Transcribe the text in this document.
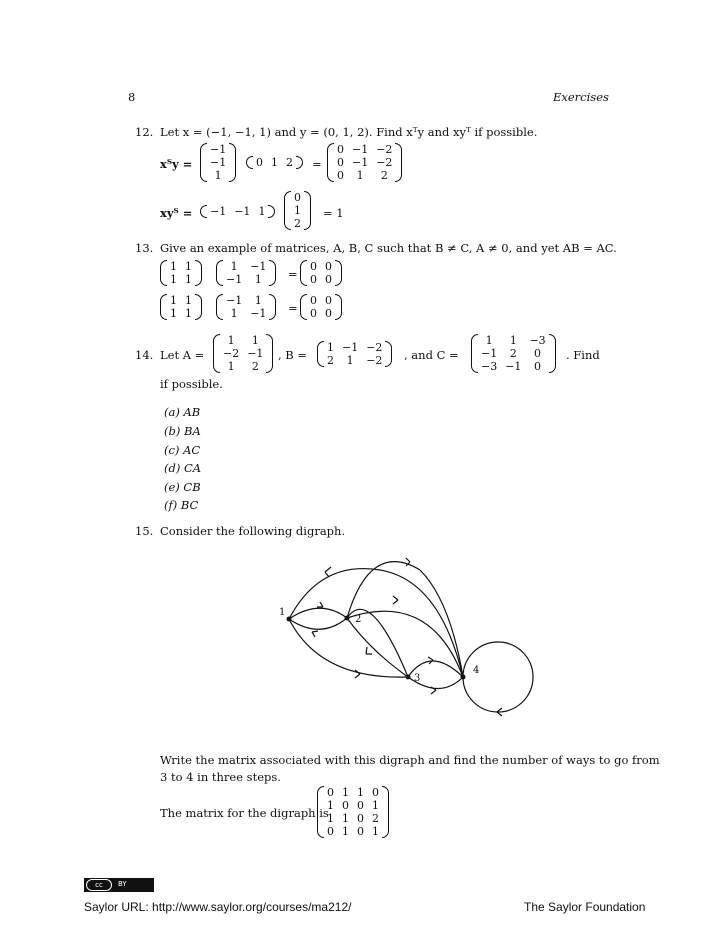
8	Exercises
12. Let x = (−1, −1, 1) and y = (0, 1, 2). Find xᵀy and xyᵀ if possible.
xᵀy =
−1
−1
1
0	1	2 =
0	−1	−2
0	−1	−2
0	1	2
xyᵀ = −1	−1	1
0
1
2
= 1
13. Give an example of matrices, A, B, C such that B ≠ C, A ≠ 0, and yet AB = AC.
1	1
1	1
1	−1
−1	1 =
0	0
0	0
1	1
1	1
−1	1
1	−1 =
0	0
0	0
14. Let A =
1	1
−2	−1
1	2
, B =
1	−1	−2
2	1	−2 , and C =
1	1	−3
−1	2	0
−3	−1	0
. Find
if possible.
(a) AB
(b) BA
(c) AC
(d) CA
(e) CB
(f) BC
15. Consider the following digraph.
1
2
3
4
Write the matrix associated with this digraph and find the number of ways to go from
3 to 4 in three steps.
The matrix for the digraph is
0	1	1	0
1	0	0	1
1	1	0	2
0	1	0	1
cc	BY
Saylor URL: http://www.saylor.org/courses/ma212/	The Saylor Foundation
